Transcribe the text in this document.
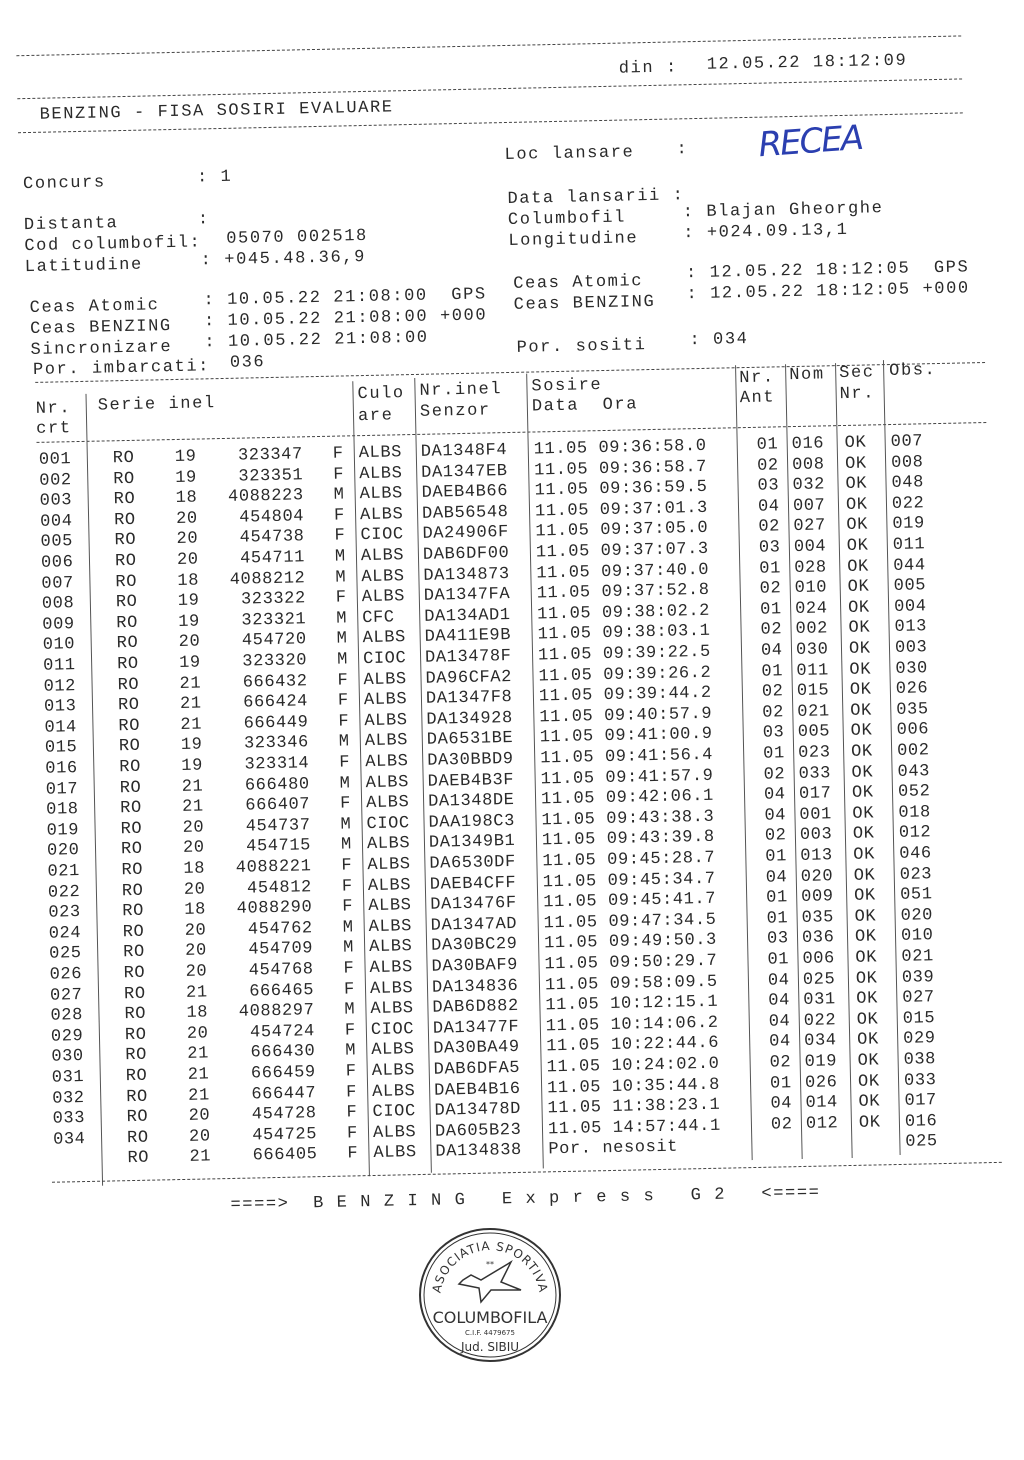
din : 12.05.22 18:12:09
BENZING - FISA SOSIRI EVALUARE
Concurs	: 1
Distanta	:
Cod columbofil: 05070 002518
Latitudine	: +045.48.36,9
Loc lansare : RECEA
Data lansarii :
Columbofil	: Blajan Gheorghe
Longitudine	: +024.09.13,1
Ceas Atomic	: 10.05.22 21:08:00  GPS
Ceas BENZING : 10.05.22 21:08:00 +000
Sincronizare : 10.05.22 21:08:00
Por. imbarcati: 036
Ceas Atomic	: 12.05.22 18:12:05  GPS
Ceas BENZING : 12.05.22 18:12:05 +000
Por. sositi	: 034
Nr.
crt
Serie inel	Culo
are
Nr.inel
Senzor
Sosire
Data  Ora
Nr.
Ant
Nom Sec
Nr.
Obs.
001	RO	19	323347 F ALBS	DA1348F4	11.05 09:36:58.0	01 016	OK	007
002	RO	19	323351 F ALBS	DA1347EB	11.05 09:36:58.7	02 008	OK	008
003	RO	18	4088223 M ALBS	DAEB4B66	11.05 09:36:59.5	03 032	OK	048
004	RO	20	454804 F ALBS	DAB56548	11.05 09:37:01.3	04 007	OK	022
005	RO	20	454738 F CIOC	DA24906F	11.05 09:37:05.0	02 027	OK	019
006	RO	20	454711 M ALBS	DAB6DF00	11.05 09:37:07.3	03 004	OK	011
007	RO	18	4088212 M ALBS	DA134873	11.05 09:37:40.0	01 028	OK	044
008	RO	19	323322 F ALBS	DA1347FA	11.05 09:37:52.8	02 010	OK	005
009	RO	19	323321 M CFC	DA134AD1	11.05 09:38:02.2	01 024	OK	004
010	RO	20	454720 M ALBS	DA411E9B	11.05 09:38:03.1	02 002	OK	013
011	RO	19	323320 M CIOC	DA13478F	11.05 09:39:22.5	04 030	OK	003
012	RO	21	666432 F ALBS	DA96CFA2	11.05 09:39:26.2	01 011	OK	030
013	RO	21	666424 F ALBS	DA1347F8	11.05 09:39:44.2	02 015	OK	026
014	RO	21	666449 F ALBS	DA134928	11.05 09:40:57.9	02 021	OK	035
015	RO	19	323346 M ALBS	DA6531BE	11.05 09:41:00.9	03 005	OK	006
016	RO	19	323314 F ALBS	DA30BBD9	11.05 09:41:56.4	01 023	OK	002
017	RO	21	666480 M ALBS	DAEB4B3F	11.05 09:41:57.9	02 033	OK	043
018	RO	21	666407 F ALBS	DA1348DE	11.05 09:42:06.1	04 017	OK	052
019	RO	20	454737 M CIOC	DAA198C3	11.05 09:43:38.3	04 001	OK	018
020	RO	20	454715 M ALBS	DA1349B1	11.05 09:43:39.8	02 003	OK	012
021	RO	18	4088221 F ALBS	DA6530DF	11.05 09:45:28.7	01 013	OK	046
022	RO	20	454812 F ALBS	DAEB4CFF	11.05 09:45:34.7	04 020	OK	023
023	RO	18	4088290 F ALBS	DA13476F	11.05 09:45:41.7	01 009	OK	051
024	RO	20	454762 M ALBS	DA1347AD	11.05 09:47:34.5	01 035	OK	020
025	RO	20	454709 M ALBS	DA30BC29	11.05 09:49:50.3	03 036	OK	010
026	RO	20	454768 F ALBS	DA30BAF9	11.05 09:50:29.7	01 006	OK	021
027	RO	21	666465 F ALBS	DA134836	11.05 09:58:09.5	04 025	OK	039
028	RO	18	4088297 M ALBS	DAB6D882	11.05 10:12:15.1	04 031	OK	027
029	RO	20	454724 F CIOC	DA13477F	11.05 10:14:06.2	04 022	OK	015
030	RO	21	666430 M ALBS	DA30BA49	11.05 10:22:44.6	04 034	OK	029
031	RO	21	666459 F ALBS	DAB6DFA5	11.05 10:24:02.0	02 019	OK	038
032	RO	21	666447 F ALBS	DAEB4B16	11.05 10:35:44.8	01 026	OK	033
033	RO	20	454728 F CIOC	DA13478D	11.05 11:38:23.1	04 014	OK	017
034	RO	20	454725 F ALBS	DA605B23	11.05 14:57:44.1	02 012	OK	016
RO	21	666405 F ALBS	DA134838	Por. nesosit	025
====>  B E N Z I N G   E x p r e s s   G 2   <====
ASOCIATIA SPORTIVA
**
COLUMBOFILA
C.I.F. 4479675
Jud. SIBIU
